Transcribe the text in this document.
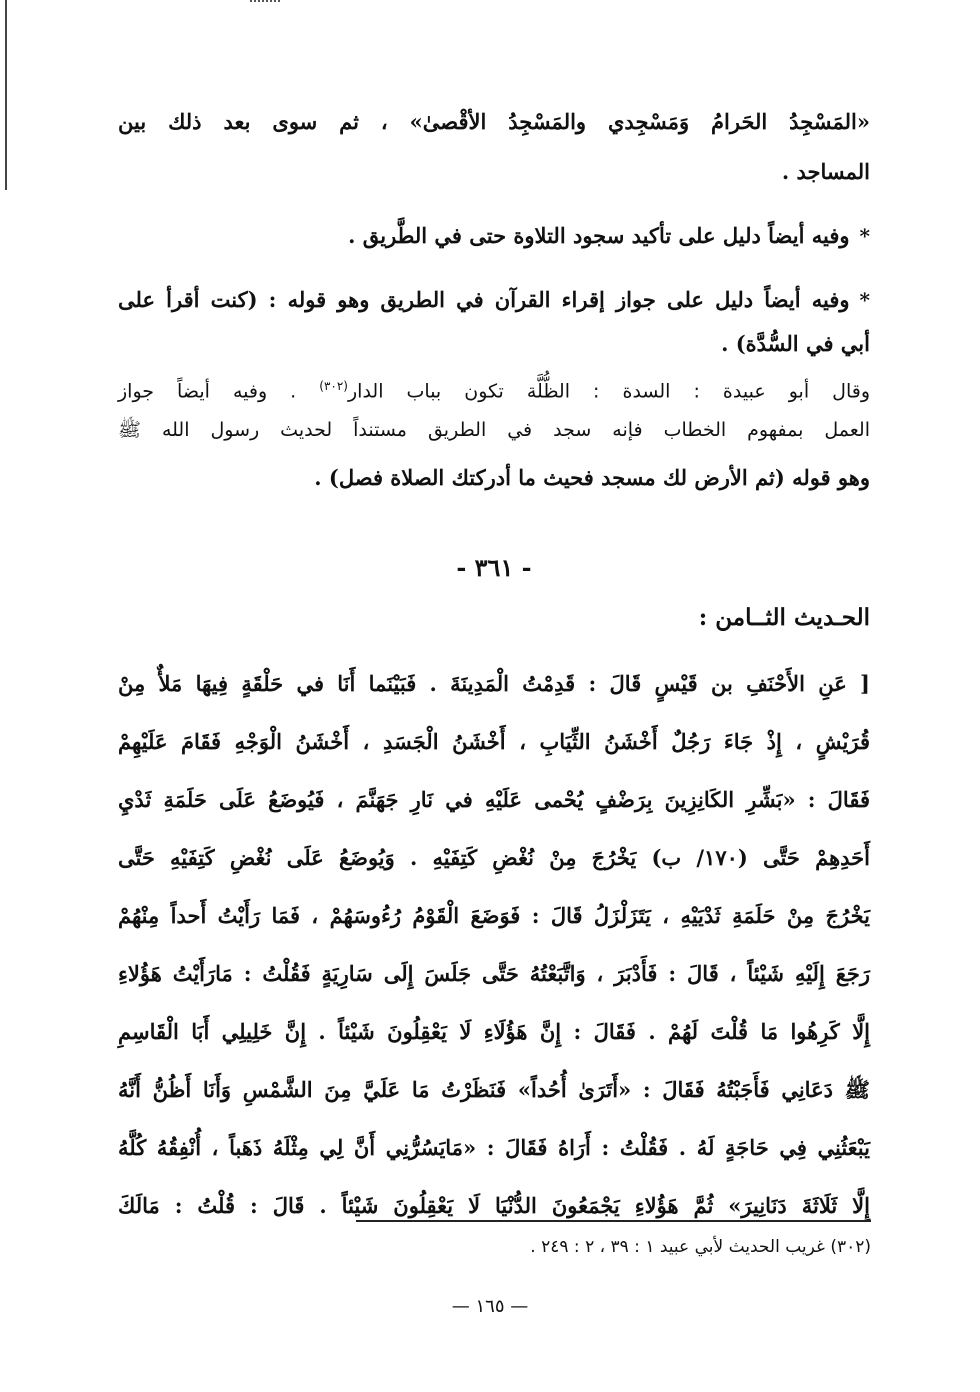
«المَسْجِدُ الحَرامُ وَمَسْجِدي والمَسْجِدُ الأقْصىٰ» ، ثم سوى بعد ذلك بين
المساجد .
*وفيه أيضاً دليل على تأكيد سجود التلاوة حتى في الطَّريق .
*وفيه أيضاً دليل على جواز إقراء القرآن في الطريق وهو قوله : (كنت أقرأ على
أبي في السُّدَّة) .
وقال أبو عبيدة : السدة : الظُّلَّة تكون بباب الدار$^{(٣٠٢)}$ . وفيه أيضاً جواز
العمل بمفهوم الخطاب فإنه سجد في الطريق مستنداً لحديث رسول الله ﷺ
وهو قوله (ثم الأرض لك مسجد فحيث ما أدركتك الصلاة فصل) .
- ٣٦١ -
الحـديث الثــامن :
[ عَنِ الأَحْنَفِ بن قَيْسٍ قَالَ : قَدِمْتُ الْمَدِينَةَ . فَبَيْنَما أَنَا في حَلْقَةٍ فِيهَا مَلأٌ مِنْ
قُرَيْشٍ ، إِذْ جَاءَ رَجُلٌ أَخْشَنُ الثِّيَابِ ، أَخْشَنُ الْجَسَدِ ، أَخْشَنُ الْوَجْهِ فَقَامَ عَلَيْهِمْ
فَقَالَ : «بَشِّرِ الكَانِزِينَ بِرَضْفٍ يُحْمى عَلَيْهِ في نَارِ جَهَنَّمَ ، فَيُوضَعُ عَلَى حَلَمَةِ ثَدْيِ
أَحَدِهِمْ حَتَّى (١٧٠/ ب) يَخْرُجَ مِنْ نُغْضِ كَتِفَيْهِ . وَيُوضَعُ عَلَى نُغْضِ كَتِفَيْهِ حَتَّى
يَخْرُجَ مِنْ حَلَمَةِ ثَدْيَيْهِ ، يَتَزَلْزَلُ قَالَ : فَوَضَعَ الْقَوْمُ رُءُوسَهُمْ ، فَمَا رَأَيْتُ أَحداً مِنْهُمْ
رَجَعَ إِلَيْهِ شَيْئاً ، قَالَ : فَأَدْبَرَ ، وَاتَّبَعْتُهُ حَتَّى جَلَسَ إِلَى سَارِيَةٍ فَقُلْتُ : مَارَأَيْتُ هَؤُلاءِ
إِلَّا كَرِهُوا مَا قُلْتَ لَهُمْ . فَقَالَ : إِنَّ هَؤُلَاءِ لَا يَعْقِلُونَ شَيْئاً . إِنَّ خَلِيلِي أَبَا الْقَاسِمِ
ﷺ دَعَانِي فَأَجَبْتُهُ فَقَالَ : «أَتَرَىٰ أُحُداً» فَنَظَرْتُ مَا عَلَيَّ مِنَ الشَّمْسِ وَأَنَا أَظُنُّ أَنَّهُ
يَبْعَثُنِي فِي حَاجَةٍ لَهُ . فَقُلْتُ : أَرَاهُ فَقَالَ : «مَايَسُرُّنِي أَنَّ لِي مِثْلَهُ ذَهَباً ، أُنْفِقُهُ كُلَّهُ
إِلَّا ثَلَاثَةَ دَنَانِيرَ» ثُمَّ هَؤُلاءِ يَجْمَعُونَ الدُّنْيَا لَا يَعْقِلُونَ شَيْئاً . قَالَ : قُلْتُ : مَالَكَ
(٣٠٢) غريب الحديث لأبي عبيد ١ : ٣٩ ، ٢ : ٢٤٩ .
— ١٦٥ —
